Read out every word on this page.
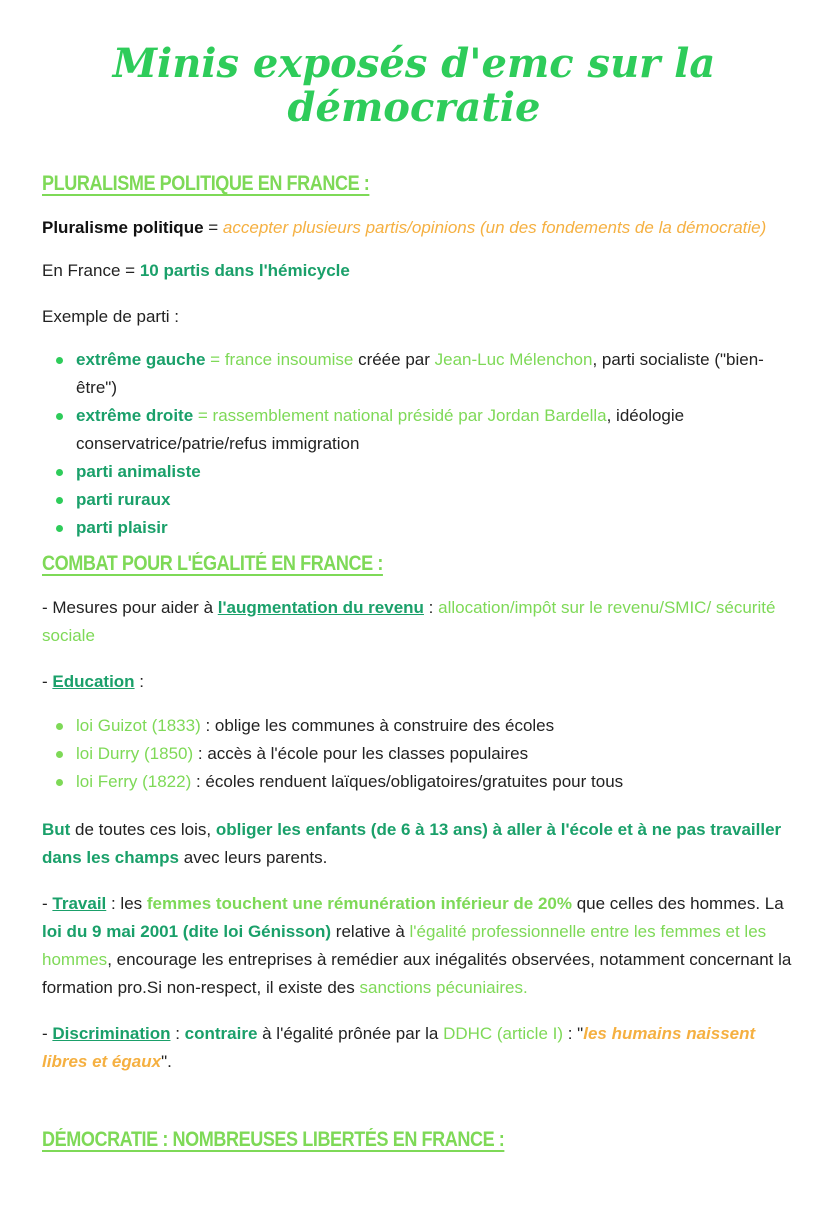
Minis exposés d'emc sur la
démocratie
PLURALISME POLITIQUE EN FRANCE :

Pluralisme politique = accepter plusieurs partis/opinions (un des fondements de la démocratie)

En France = 10 partis dans l'hémicycle

Exemple de parti :

extrême gauche = france insoumise créée par Jean-Luc Mélenchon, parti socialiste ("bien-être")
extrême droite = rassemblement national présidé par Jordan Bardella, idéologie conservatrice/patrie/refus immigration
parti animaliste
parti ruraux
parti plaisir
COMBAT POUR L'ÉGALITÉ EN FRANCE :

- Mesures pour aider à l'augmentation du revenu : allocation/impôt sur le revenu/SMIC/ sécurité sociale

- Education :

loi Guizot (1833) : oblige les communes à construire des écoles
loi Durry (1850) : accès à l'école pour les classes populaires
loi Ferry (1822) : écoles renduent laïques/obligatoires/gratuites pour tous

But de toutes ces lois, obliger les enfants (de 6 à 13 ans) à aller à l'école et à ne pas travailler dans les champs avec leurs parents.

- Travail : les femmes touchent une rémunération inférieur de 20% que celles des hommes. La loi du 9 mai 2001 (dite loi Génisson) relative à l'égalité professionnelle entre les femmes et les hommes, encourage les entreprises à remédier aux inégalités observées, notamment concernant la formation pro.Si non-respect, il existe des sanctions pécuniaires.

- Discrimination : contraire à l'égalité prônée par la DDHC (article I) : "les humains naissent libres et égaux".

DÉMOCRATIE : NOMBREUSES LIBERTÉS EN FRANCE :
